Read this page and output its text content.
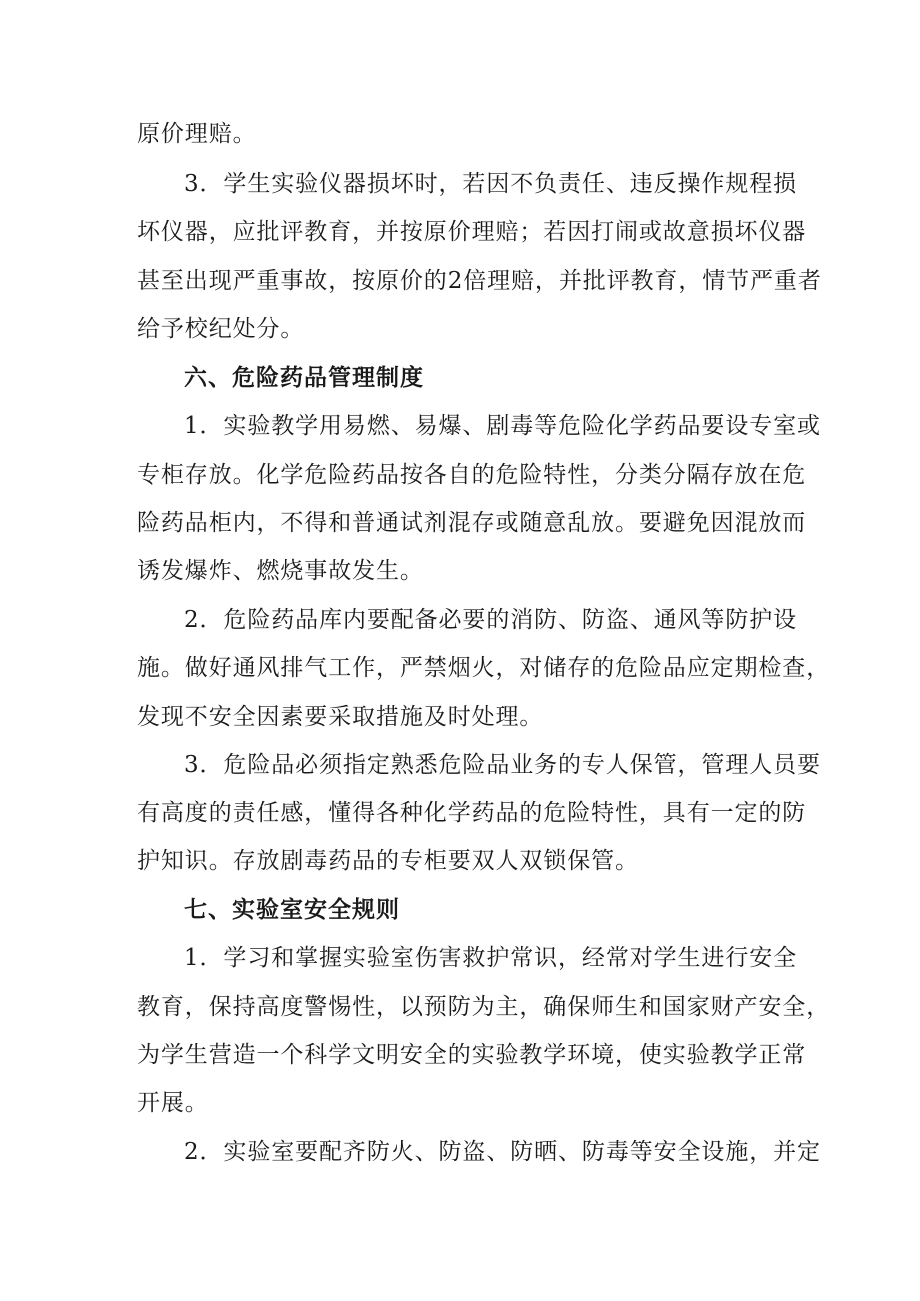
原价理赔。
3．学生实验仪器损坏时，若因不负责任、违反操作规程损
坏仪器，应批评教育，并按原价理赔；若因打闹或故意损坏仪器
甚至出现严重事故，按原价的2倍理赔，并批评教育，情节严重者
给予校纪处分。
六、危险药品管理制度
1．实验教学用易燃、易爆、剧毒等危险化学药品要设专室或
专柜存放。化学危险药品按各自的危险特性，分类分隔存放在危
险药品柜内，不得和普通试剂混存或随意乱放。要避免因混放而
诱发爆炸、燃烧事故发生。
2．危险药品库内要配备必要的消防、防盗、通风等防护设
施。做好通风排气工作，严禁烟火，对储存的危险品应定期检查，
发现不安全因素要采取措施及时处理。
3．危险品必须指定熟悉危险品业务的专人保管，管理人员要
有高度的责任感，懂得各种化学药品的危险特性，具有一定的防
护知识。存放剧毒药品的专柜要双人双锁保管。
七、实验室安全规则
1．学习和掌握实验室伤害救护常识，经常对学生进行安全
教育，保持高度警惕性，以预防为主，确保师生和国家财产安全，
为学生营造一个科学文明安全的实验教学环境，使实验教学正常
开展。
2．实验室要配齐防火、防盗、防晒、防毒等安全设施，并定
